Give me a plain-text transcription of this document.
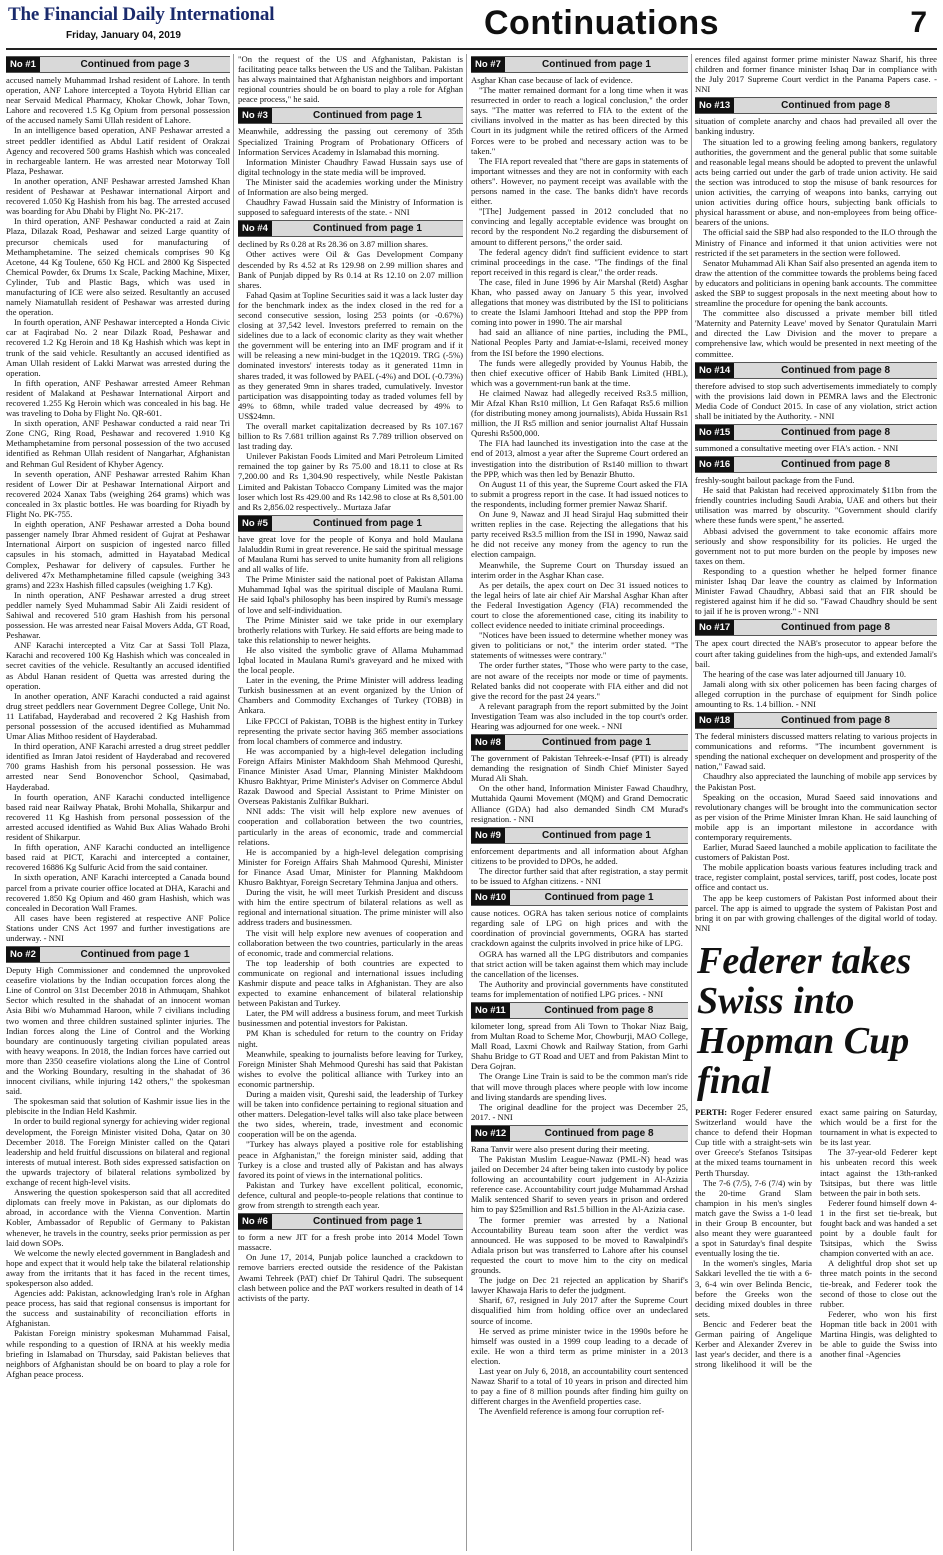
The Financial Daily International
Friday, January 04, 2019	Continuations	7
No #1	Continued from page 3

accused namely Muhammad Irshad resident of Lahore. In tenth operation, ANF Lahore intercepted a Toyota Hybrid Ellian car near Servaid Medical Pharmacy, Khokar Chowk, Johar Town, Lahore and recovered 1.5 Kg Opium from personal possession of the accused namely Sami Ullah resident of Lahore.

In an intelligence based operation, ANF Peshawar arrested a street peddler identified as Abdul Latif resident of Orakzai Agency and recovered 500 grams Hashish which was concealed in rechargeable lantern. He was arrested near Motorway Toll Plaza, Peshawar.

In another operation, ANF Peshawar arrested Jamshed Khan resident of Peshawar at Peshawar international Airport and recovered 1.050 Kg Hashish from his bag. The arrested accused was boarding for Abu Dhabi by Flight No. PK-217.

In third operation, ANF Peshawar conducted a raid at Zain Plaza, Dilazak Road, Peshawar and seized Large quantity of precursor chemicals used for manufacturing of Methamphetamine. The seized chemicals comprises 90 Kg Acetone, 44 Kg Toulene, 650 Kg HCL and 2800 Kg Sispected Chemical Powder, 6x Drums 1x Scale, Packing Machine, Mixer, Cylinder, Tub and Plastic Bags, which was used in manufacturing of ICE were also seized. Resultantly an accused namely Niamatullah resident of Peshawar was arrested during the operation.

In fourth operation, ANF Peshawar intercepted a Honda Civic car at Faqirabad No. 2 near Dilazk Road, Peshawar and recovered 1.2 Kg Heroin and 18 Kg Hashish which was kept in trunk of the said vehicle. Resultantly an accused identified as Aman Ullah resident of Lakki Marwat was arrested during the operation.

In fifth operation, ANF Peshawar arrested Ameer Rehman resident of Malakand at Peshawar International Airport and recovered 1.255 Kg Heroin which was concealed in his bag. He was traveling to Doha by Flight No. QR-601.

In sixth operation, ANF Peshawar conducted a raid near Tri Zone CNG, Ring Road, Peshawar and recovered 1.910 Kg Methamphetamine from personal possession of the two accused identified as Rehman Ullah resident of Nangarhar, Afghanistan and Rehman Gul Resident of Khyber Agency.

In seventh operation, ANF Peshawar arrested Rahim Khan resident of Lower Dir at Peshawar International Airport and recovered 2024 Xanax Tabs (weighing 264 grams) which was concealed in 3x plastic bottles. He was boarding for Riyadh by Flight No. PK-755.

In eighth operation, ANF Peshawar arrested a Doha bound passenger namely Ibrar Ahmed resident of Gujrat at Peshawar International Airport on suspicion of ingested narco filled capsules in his stomach, admitted in Hayatabad Medical Complex, Peshawar for delivery of capsules. Further he delivered 47x Methamphetamine filled capsule (weighing 343 grams) and 223x Hashish filled capsules (weighing 1.7 Kg).

In ninth operation, ANF Peshawar arrested a drug street peddler namely Syed Muhammad Sabir Ali Zaidi resident of Sahiwal and recovered 510 gram Hashish from his personal possession. He was arrested near Faisal Movers Adda, GT Road, Peshawar.

ANF Karachi intercepted a Vitz Car at Sassi Toll Plaza, Karachi and recovered 100 Kg Hashish which was concealed in secret cavities of the vehicle. Resultantly an accused identified as Abdul Hanan resident of Quetta was arrested during the operation.

In another operation, ANF Karachi conducted a raid against drug street peddlers near Government Degree College, Unit No. 11 Latifabad, Hayderabad and recovered 2 Kg Hashish from personal possession of the accused identified as Muhammad Umar Alias Mithoo resident of Hayderabad.

In third operation, ANF Karachi arrested a drug street peddler identified as Imran Jatoi resident of Hayderabad and recovered 700 grams Hashish from his personal possession. He was arrested near Send Bonovenchor School, Qasimabad, Hayderabad.

In fourth operation, ANF Karachi conducted intelligence based raid near Railway Phatak, Brohi Mohalla, Shikarpur and recovered 11 Kg Hashish from personal possession of the arrested accused identified as Wahid Bux Alias Wahado Brohi resident of Shikarpur.

In fifth operation, ANF Karachi conducted an intelligence based raid at PICT, Karachi and intercepted a container, recovered 16886 Kg Sulfuric Acid from the said container.

In sixth operation, ANF Karachi intercepted a Canada bound parcel from a private courier office located at DHA, Karachi and recovered 1.850 Kg Opium and 460 gram Hashish, which was concealed in Decoration Wall Frames.

All cases have been registered at respective ANF Police Stations under CNS Act 1997 and further investigations are underway. - NNI

No #2	Continued from page 1

Deputy High Commissioner and condemned the unprovoked ceasefire violations by the Indian occupation forces along the Line of Control on 31st December 2018 in Athmuqam, Shahkot Sector which resulted in the shahadat of an innocent woman Asia Bibi w/o Muhammad Haroon, while 7 civilians including two women and three children sustained splinter injuries. The Indian forces along the Line of Control and the Working boundary are continuously targeting civilian populated areas with heavy weapons. In 2018, the Indian forces have carried out more than 2350 ceasefire violations along the Line of Control and the Working Boundary, resulting in the shahadat of 36 innocent civilians, while injuring 142 others," the spokesman said.

The spokesman said that solution of Kashmir issue lies in the plebiscite in the Indian Held Kashmir.

In order to build regional synergy for achieving wider regional development, the Foreign Minister visited Doha, Qatar on 30 December 2018. The Foreign Minister called on the Qatari leadership and held fruitful discussions on bilateral and regional interests of mutual interest. Both sides expressed satisfaction on the upwards trajectory of bilateral relations symbolized by exchange of recent high-level visits.

Answering the question spokesperson said that all accredited diplomats can freely move in Pakistan, as our diplomats do abroad, in accordance with the Vienna Convention. Martin Kobler, Ambassador of Republic of Germany to Pakistan whenever, he travels in the country, seeks prior permission as per laid down SOPs.

We welcome the newly elected government in Bangladesh and hope and expect that it would help take the bilateral relationship away from the irritants that it has faced in the recent times, spokesperson also added.

Agencies add: Pakistan, acknowledging Iran's role in Afghan peace process, has said that regional consensus is important for the success and sustainability of reconciliation efforts in Afghanistan.

Pakistan Foreign ministry spokesman Muhammad Faisal, while responding to a question of IRNA at his weekly media briefing in Islamabad on Thursday, said Pakistan believes that neighbors of Afghanistan should be on board to play a role for Afghan peace process.

"On the request of the US and Afghanistan, Pakistan is facilitating peace talks between the US and the Taliban. Pakistan has always maintained that Afghanistan neighbors and important regional countries should be on board to play a role for Afghan peace process," he said.

No #3	Continued from page 1

Meanwhile, addressing the passing out ceremony of 35th Specialized Training Program of Probationary Officers of Information Services Academy in Islamabad this morning.

Information Minister Chaudhry Fawad Hussain says use of digital technology in the state media will be improved.

The Minister said the academies working under the Ministry of Information are also being merged.

Chaudhry Fawad Hussain said the Ministry of Information is supposed to safeguard interests of the state. - NNI

No #4	Continued from page 1

declined by Rs 0.28 at Rs 28.36 on 3.87 million shares.

Other actives were Oil & Gas Development Company descended by Rs 4.52 at Rs 129.98 on 2.99 million shares and Bank of Punjab dipped by Rs 0.14 at Rs 12.10 on 2.07 million shares.

Fahad Qasim at Topline Securities said it was a lack luster day for the benchmark index as the index closed in the red for a second consecutive session, losing 253 points (or -0.67%) closing at 37,542 level. Investors preferred to remain on the sidelines due to a lack of economic clarity as they wait whether the government will be entering into an IMF program and if it will be releasing a new mini-budget in the 1Q2019. TRG (-5%) dominated investors' interests today as it generated 11mn in shares traded, it was followed by PAEL (-4%) and DOL (-0.73%) as they generated 9mn in shares traded, cumulatively. Investor participation was disappointing today as traded volumes fell by 49% to 68mn, while traded value decreased by 49% to US$24mn.

The overall market capitalization decreased by Rs 107.167 billion to Rs 7.681 trillion against Rs 7.789 trillion observed on last trading day.

Unilever Pakistan Foods Limited and Mari Petroleum Limited remained the top gainer by Rs 75.00 and 18.11 to close at Rs 7,200.00 and Rs 1,304.90 respectively, while Nestle Pakistan Limited and Pakistan Tobacco Company Limited was the major loser which lost Rs 429.00 and Rs 142.98 to close at Rs 8,501.00 and Rs 2,856.02 respectively.. Murtaza Jafar

No #5	Continued from page 1

have great love for the people of Konya and hold Maulana Jalaluddin Rumi in great reverence. He said the spiritual message of Maulana Rumi has served to unite humanity from all religions and all walks of life.

The Prime Minister said the national poet of Pakistan Allama Muhammad Iqbal was the spiritual disciple of Maulana Rumi. He said Iqbal's philosophy has been inspired by Rumi's message of love and self-individuation.

The Prime Minister said we take pride in our exemplary brotherly relations with Turkey. He said efforts are being made to take this relationship to newer heights.

He also visited the symbolic grave of Allama Muhammad Iqbal located in Maulana Rumi's graveyard and he mixed with the local people.

Later in the evening, the Prime Minister will address leading Turkish businessmen at an event organized by the Union of Chambers and Commodity Exchanges of Turkey (TOBB) in Ankara.

Like FPCCI of Pakistan, TOBB is the highest entity in Turkey representing the private sector having 365 member associations from local chambers of commerce and industry.

He was accompanied by a high-level delegation including Foreign Affairs Minister Makhdoom Shah Mehmood Qureshi, Finance Minister Asad Umar, Planning Minister Makhdoom Khusro Bakhtyar, Prime Minister's Adviser on Commerce Abdul Razak Dawood and Special Assistant to Prime Minister on Overseas Pakistanis Zulfikar Bukhari.

NNI adds: The visit will help explore new avenues of cooperation and collaboration between the two countries, particularly in the areas of economic, trade and commercial relations.

He is accompanied by a high-level delegation comprising Minister for Foreign Affairs Shah Mahmood Qureshi, Minister for Finance Asad Umar, Minister for Planning Makhdoom Khusro Bakhtyar, Foreign Secretary Tehmina Janjua and others.

During the visit, he will meet Turkish President and discuss with him the entire spectrum of bilateral relations as well as regional and international situation. The prime minister will also address traders and businessmen.

The visit will help explore new avenues of cooperation and collaboration between the two countries, particularly in the areas of economic, trade and commercial relations.

The top leadership of both countries are expected to communicate on regional and international issues including Kashmir dispute and peace talks in Afghanistan. They are also expected to examine enhancement of bilateral relationship between Pakistan and Turkey.

Later, the PM will address a business forum, and meet Turkish businessmen and potential investors for Pakistan.

PM Khan is scheduled for return to the country on Friday night.

Meanwhile, speaking to journalists before leaving for Turkey, Foreign Minister Shah Mehmood Qureshi has said that Pakistan wishes to evolve the political alliance with Turkey into an economic partnership.

During a maiden visit, Qureshi said, the leadership of Turkey will be taken into confidence pertaining to regional situation and other matters. Delegation-level talks will also take place between the two sides, wherein, trade, investment and economic cooperation will be on the agenda.

"Turkey has always played a positive role for establishing peace in Afghanistan," the foreign minister said, adding that Turkey is a close and trusted ally of Pakistan and has always favored its point of views in the international politics.

Pakistan and Turkey have excellent political, economic, defence, cultural and people-to-people relations that continue to grow from strength to strength each year.

No #6	Continued from page 1

to form a new JIT for a fresh probe into 2014 Model Town massacre.

On June 17, 2014, Punjab police launched a crackdown to remove barriers erected outside the residence of the Pakistan Awami Tehreek (PAT) chief Dr Tahirul Qadri. The subsequent clash between police and the PAT workers resulted in death of 14 activists of the party.

No #7	Continued from page 1

Asghar Khan case because of lack of evidence.

"The matter remained dormant for a long time when it was resurrected in order to reach a logical conclusion," the order says. "The matter was referred to FIA to the extent of the civilians involved in the matter as has been directed by this Court in its judgment while the retired officers of the Armed Forces were to be probed and necessary action was to be taken."

The FIA report revealed that "there are gaps in statements of important witnesses and they are not in conformity with each others". However, no payment receipt was available with the persons named in the case. The banks didn't have records either.

"[The] Judgement passed in 2012 concluded that no convincing and legally acceptable evidence was brought on record by the respondent No.2 regarding the disbursement of amount to different persons," the order said.

The federal agency didn't find sufficient evidence to start criminal proceedings in the case. "The findings of the final report received in this regard is clear," the order reads.

The case, filed in June 1996 by Air Marshal (Retd) Asghar Khan, who passed away on January 5 this year, involved allegations that money was distributed by the ISI to politicians to create the Islami Jamhoori Ittehad and stop the PPP from coming into power in 1990. The air marshal

had said an alliance of nine parties, including the PML, National Peoples Party and Jamiat-e-Islami, received money from the ISI before the 1990 elections.

The funds were allegedly provided by Younus Habib, the then chief executive officer of Habib Bank Limited (HBL), which was a government-run bank at the time.

He claimed Nawaz had allegedly received Rs3.5 million, Mir Afzal Khan Rs10 million, Lt Gen Rafaqat Rs5.6 million (for distributing money among journalists), Abida Hussain Rs1 million, the JI Rs5 million and senior journalist Altaf Hussain Qureshi Rs500,000.

The FIA had launched its investigation into the case at the end of 2013, almost a year after the Supreme Court ordered an investigation into the distribution of Rs140 million to thwart the PPP, which was then led by Benazir Bhutto.

On August 11 of this year, the Supreme Court asked the FIA to submit a progress report in the case. It had issued notices to the respondents, including former premier Nawaz Sharif.

On June 9, Nawaz and JI head Sirajul Haq submitted their written replies in the case. Rejecting the allegations that his party received Rs3.5 million from the ISI in 1990, Nawaz said he did not receive any money from the agency to run the election campaign.

Meanwhile, the Supreme Court on Thursday issued an interim order in the Asghar Khan case.

As per details, the apex court on Dec 31 issued notices to the legal heirs of late air chief Air Marshal Asghar Khan after the Federal Investigation Agency (FIA) recommended the court to close the aforementioned case, citing its inability to collect evidence needed to initiate criminal proceedings.

"Notices have been issued to determine whether money was given to politicians or not," the interim order stated. "The statements of witnesses were contrary."

The order further states, "Those who were party to the case, are not aware of the receipts nor mode or time of payments. Related banks did not cooperate with FIA either and did not give the record for the past 24 years."

A relevant paragraph from the report submitted by the Joint Investigation Team was also included in the top court's order. Hearing was adjourned for one week. - NNI

No #8	Continued from page 1

The government of Pakistan Tehreek-e-Insaf (PTI) is already demanding the resignation of Sindh Chief Minister Sayed Murad Ali Shah.

On the other hand, Information Minister Fawad Chaudhry, Muttahida Qaumi Movement (MQM) and Grand Democratic Alliance (GDA) had also demanded Sindh CM Murad's resignation. - NNI

No #9	Continued from page 1

enforcement departments and all information about Afghan citizens to be provided to DPOs, he added.

The director further said that after registration, a stay permit to be issued to Afghan citizens. - NNI

No #10	Continued from page 1

cause notices. OGRA has taken serious notice of complaints regarding sale of LPG on high prices and with the coordination of provincial governments, OGRA has started crackdown against the culprits involved in price hike of LPG.

OGRA has warned all the LPG distributors and companies that strict action will be taken against them which may include the cancellation of the licenses.

The Authority and provincial governments have constituted teams for implementation of notified LPG prices. - NNI

No #11	Continued from page 8

kilometer long, spread from Ali Town to Thokar Niaz Baig, from Multan Road to Scheme Mor, Chowburji, MAO College, Mall Road, Laxmi Chowk and Railway Station, from Garhi Shahu Bridge to GT Road and UET and from Pakistan Mint to Dera Gojran.

The Orange Line Train is said to be the common man's ride that will move through places where people with low income and living standards are spending lives.

The original deadline for the project was December 25, 2017. - NNI

No #12	Continued from page 8

Rana Tanvir were also present during their meeting.

The Pakistan Muslim League-Nawaz (PML-N) head was jailed on December 24 after being taken into custody by police following an accountability court judgement in Al-Azizia reference case. Accountability court judge Muhammad Arshad Malik sentenced Sharif to seven years in prison and ordered him to pay $25million and Rs1.5 billion in the Al-Azizia case.

The former premier was arrested by a National Accountability Bureau team soon after the verdict was announced. He was supposed to be moved to Rawalpindi's Adiala prison but was transferred to Lahore after his counsel requested the court to move him to the city on medical grounds.

The judge on Dec 21 rejected an application by Sharif's lawyer Khawaja Haris to defer the judgment.

Sharif, 67, resigned in July 2017 after the Supreme Court disqualified him from holding office over an undeclared source of income.

He served as prime minister twice in the 1990s before he himself was ousted in a 1999 coup leading to a decade of exile. He won a third term as prime minister in a 2013 election.

Last year on July 6, 2018, an accountability court sentenced Nawaz Sharif to a total of 10 years in prison and directed him to pay a fine of 8 million pounds after finding him guilty on different charges in the Avenfield properties case.

The Avenfield reference is among four corruption ref-

erences filed against former prime minister Nawaz Sharif, his three children and former finance minister Ishaq Dar in compliance with the July 2017 Supreme Court verdict in the Panama Papers case. - NNI

No #13	Continued from page 8

situation of complete anarchy and chaos had prevailed all over the banking industry.

The situation led to a growing feeling among bankers, regulatory authorities, the government and the general public that some suitable and reasonable legal means should be adopted to prevent the unlawful acts being carried out under the garb of trade union activity. He said the section was introduced to stop the misuse of bank resources for union activities, the carrying of weapons into banks, carrying out union activities during office hours, subjecting bank officials to physical harassment or abuse, and non-employees from being office-bearers of the unions.

The official said the SBP had also responded to the ILO through the Ministry of Finance and informed it that union activities were not restricted if the set parameters in the section were followed.

Senator Muhammad Ali Khan Saif also presented an agenda item to draw the attention of the committee towards the problems being faced by educators and politicians in opening bank accounts. The committee asked the SBP to suggest proposals in the next meeting about how to streamline the procedure for opening the bank accounts.

The committee also discussed a private member bill titled 'Maternity and Paternity Leave' moved by Senator Quratulain Marri and directed the Law Division and the mover to prepare a comprehensive law, which would be presented in next meeting of the committee.

No #14	Continued from page 8

therefore advised to stop such advertisements immediately to comply with the provisions laid down in PEMRA laws and the Electronic Media Code of Conduct 2015. In case of any violation, strict action shall be initiated by the Authority. - NNI

No #15	Continued from page 8

summoned a consultative meeting over FIA's action. - NNI

No #16	Continued from page 8

freshly-sought bailout package from the Fund.

He said that Pakistan had received approximately $11bn from the friendly countries including Saudi Arabia, UAE and others but their utilisation was marred by obscurity. "Government should clarify where these funds were spent," he asserted.

Abbasi advised the government to take economic affairs more seriously and show responsibility for its policies. He urged the government not to put more burden on the people by imposes new taxes on them.

Responding to a question whether he helped former finance minister Ishaq Dar leave the country as claimed by Information Minister Fawad Chaudhry, Abbasi said that an FIR should be registered against him if he did so. "Fawad Chaudhry should be sent to jail if he is proven wrong." - NNI

No #17	Continued from page 8

The apex court directed the NAB's prosecutor to appear before the court after taking guidelines from the high-ups, and extended Jamali's bail.

The hearing of the case was later adjourned till January 10.

Jamali along with six other policemen has been facing charges of alleged corruption in the purchase of equipment for Sindh police amounting to Rs. 1.4 billion. - NNI

No #18	Continued from page 8

The federal ministers discussed matters relating to various projects in communications and reforms. "The incumbent government is spending the national exchequer on development and prosperity of the nation," Fawad said.

Chaudhry also appreciated the launching of mobile app services by the Pakistan Post.

Speaking on the occasion, Murad Saeed said innovations and revolutionary changes will be brought into the communication sector as per vision of the Prime Minister Imran Khan. He said launching of mobile app is an important milestone in accordance with contemporary requirements.

Earlier, Murad Saeed launched a mobile application to facilitate the customers of Pakistan Post.

The mobile application boasts various features including track and trace, register complaint, postal services, tariff, post codes, locate post office and contact us.

The app be keep customers of Pakistan Post informed about their parcel. The app is aimed to upgrade the system of Pakistan Post and bring it on par with growing challenges of the digital world of today. NNI

Federer takes Swiss into Hopman Cup final

PERTH: Roger Federer ensured Switzerland would have the chance to defend their Hopman Cup title with a straight-sets win over Greece's Stefanos Tsitsipas at the mixed teams tournament in Perth Thursday.

The 7-6 (7/5), 7-6 (7/4) win by the 20-time Grand Slam champion in his men's singles match gave the Swiss a 1-0 lead in their Group B encounter, but also meant they were guaranteed a spot in Saturday's final despite eventually losing the tie.

In the women's singles, Maria Sakkari levelled the tie with a 6-3, 6-4 win over Belinda Bencic, before the Greeks won the deciding mixed doubles in three sets.

Bencic and Federer beat the German pairing of Angelique Kerber and Alexander Zverev in last year's decider, and there is a strong likelihood it will be the exact same pairing on Saturday, which would be a first for the tournament in what is expected to be its last year.

The 37-year-old Federer kept his unbeaten record this week intact against the 13th-ranked Tsitsipas, but there was little between the pair in both sets.

Federer found himself down 4-1 in the first set tie-break, but fought back and was handed a set point by a double fault for Tsitsipas, which the Swiss champion converted with an ace.

A delightful drop shot set up three match points in the second tie-break, and Federer took the second of those to close out the rubber.

Federer, who won his first Hopman title back in 2001 with Martina Hingis, was delighted to be able to guide the Swiss into another final -Agencies
